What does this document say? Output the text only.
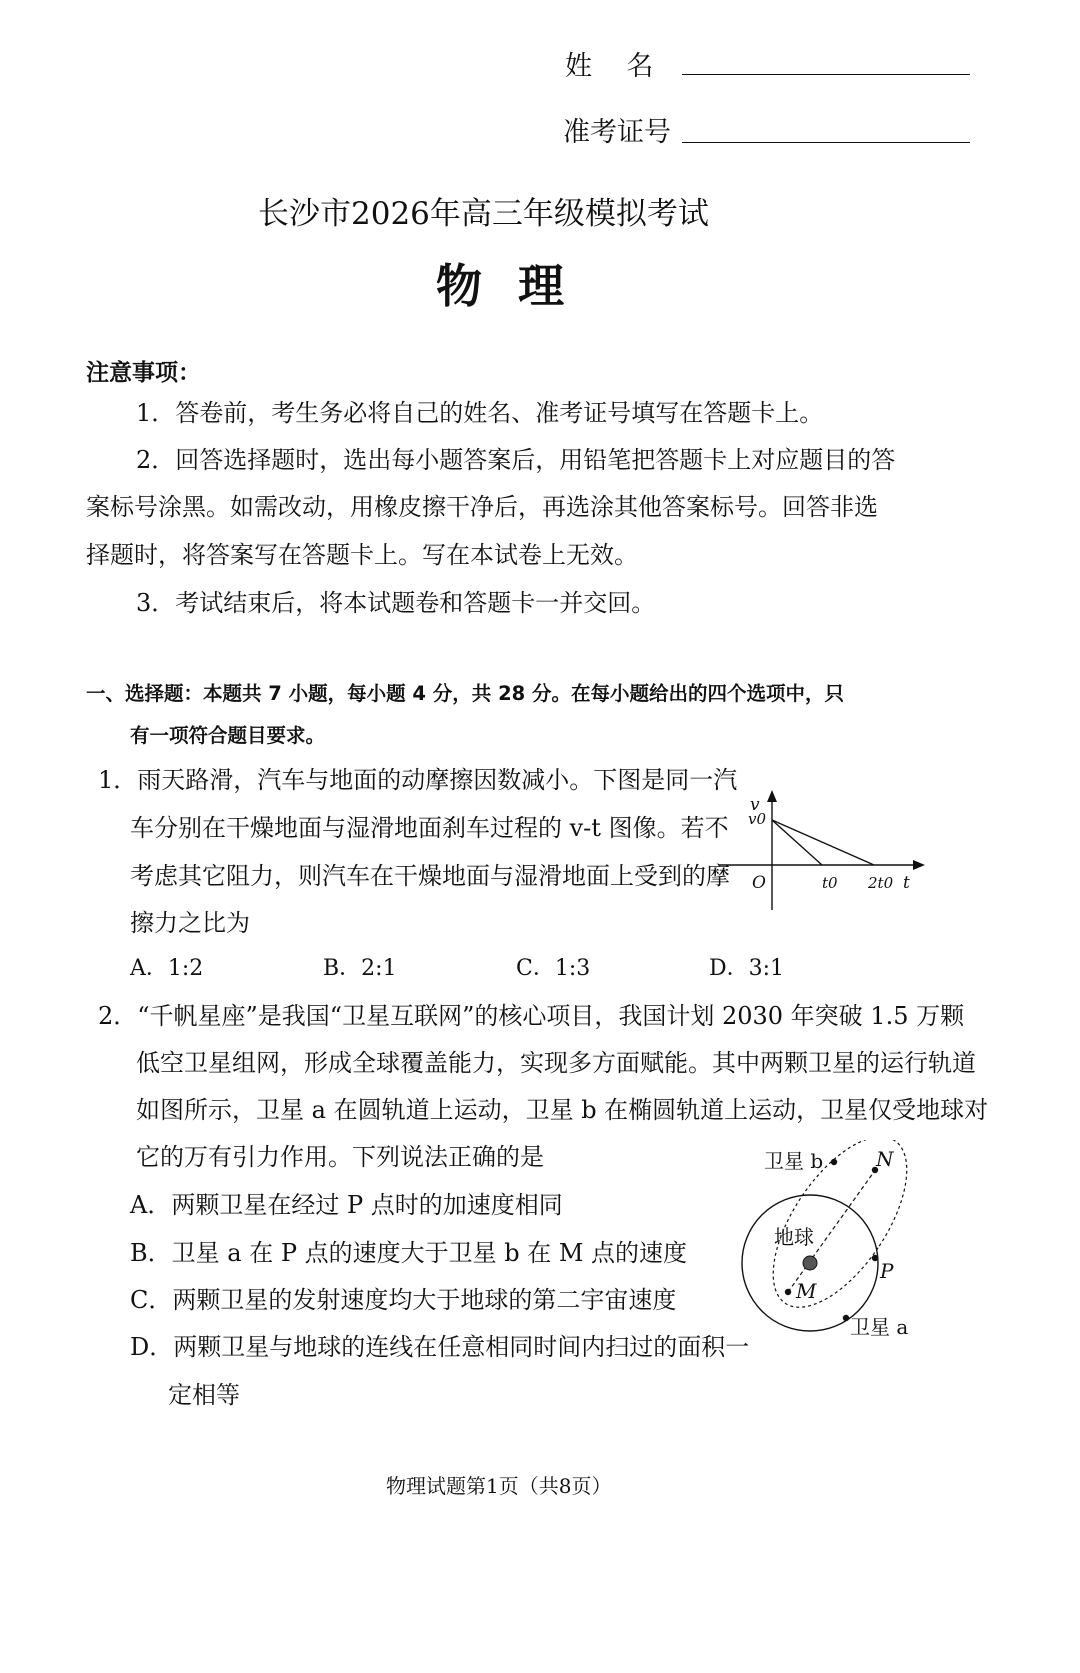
姓    名
准考证号
长沙市2026年高三年级模拟考试
物理
注意事项：
1．答卷前，考生务必将自己的姓名、准考证号填写在答题卡上。
2．回答选择题时，选出每小题答案后，用铅笔把答题卡上对应题目的答
案标号涂黑。如需改动，用橡皮擦干净后，再选涂其他答案标号。回答非选
择题时，将答案写在答题卡上。写在本试卷上无效。
3．考试结束后，将本试题卷和答题卡一并交回。
一、选择题：本题共 7 小题，每小题 4 分，共 28 分。在每小题给出的四个选项中，只
有一项符合题目要求。
1．雨天路滑，汽车与地面的动摩擦因数减小。下图是同一汽
车分别在干燥地面与湿滑地面刹车过程的 v-t 图像。若不
考虑其它阻力，则汽车在干燥地面与湿滑地面上受到的摩
擦力之比为
A．1:2	B．2:1	C．1:3	D．3:1
v
v0
O	t0 2t0 t
2．“千帆星座”是我国“卫星互联网”的核心项目，我国计划 2030 年突破 1.5 万颗
低空卫星组网，形成全球覆盖能力，实现多方面赋能。其中两颗卫星的运行轨道
如图所示，卫星 a 在圆轨道上运动，卫星 b 在椭圆轨道上运动，卫星仅受地球对
它的万有引力作用。下列说法正确的是
A．两颗卫星在经过 P 点时的加速度相同
B．卫星 a 在 P 点的速度大于卫星 b 在 M 点的速度
C．两颗卫星的发射速度均大于地球的第二宇宙速度
D．两颗卫星与地球的连线在任意相同时间内扫过的面积一
定相等
卫星 b	N
地球
P
M
卫星 a
物理试题第1页（共8页）
